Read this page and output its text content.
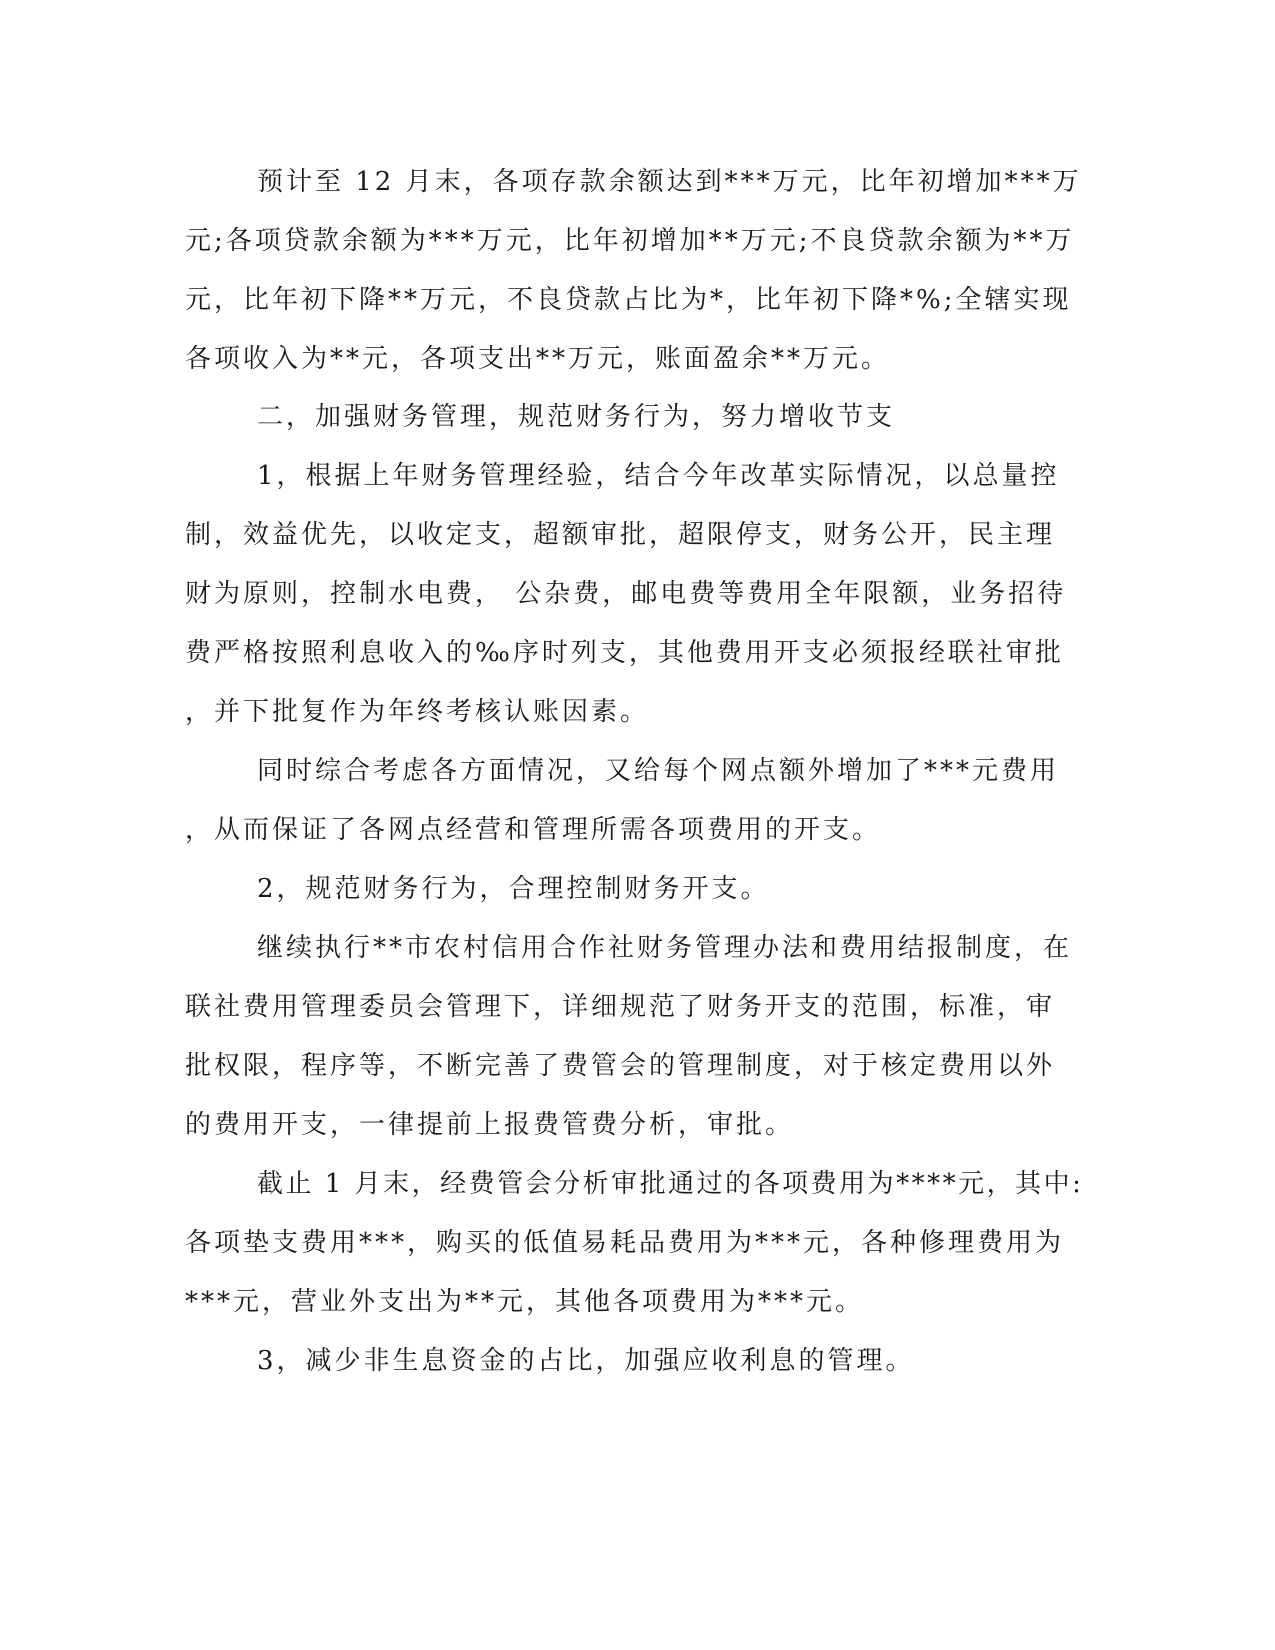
预计至 12 月末，各项存款余额达到***万元，比年初增加***万

元;各项贷款余额为***万元，比年初增加**万元;不良贷款余额为**万

元，比年初下降**万元，不良贷款占比为*，比年初下降*%;全辖实现

各项收入为**元，各项支出**万元，账面盈余**万元。

二，加强财务管理，规范财务行为，努力增收节支

1，根据上年财务管理经验，结合今年改革实际情况，以总量控

制，效益优先，以收定支，超额审批，超限停支，财务公开，民主理

财为原则，控制水电费， 公杂费，邮电费等费用全年限额，业务招待

费严格按照利息收入的‰序时列支，其他费用开支必须报经联社审批

，并下批复作为年终考核认账因素。

同时综合考虑各方面情况，又给每个网点额外增加了***元费用

，从而保证了各网点经营和管理所需各项费用的开支。

2，规范财务行为，合理控制财务开支。

继续执行**市农村信用合作社财务管理办法和费用结报制度，在

联社费用管理委员会管理下，详细规范了财务开支的范围，标准，审

批权限，程序等，不断完善了费管会的管理制度，对于核定费用以外

的费用开支，一律提前上报费管费分析，审批。

截止 1 月末，经费管会分析审批通过的各项费用为****元，其中:

各项垫支费用***，购买的低值易耗品费用为***元，各种修理费用为

***元，营业外支出为**元，其他各项费用为***元。

3，减少非生息资金的占比，加强应收利息的管理。
